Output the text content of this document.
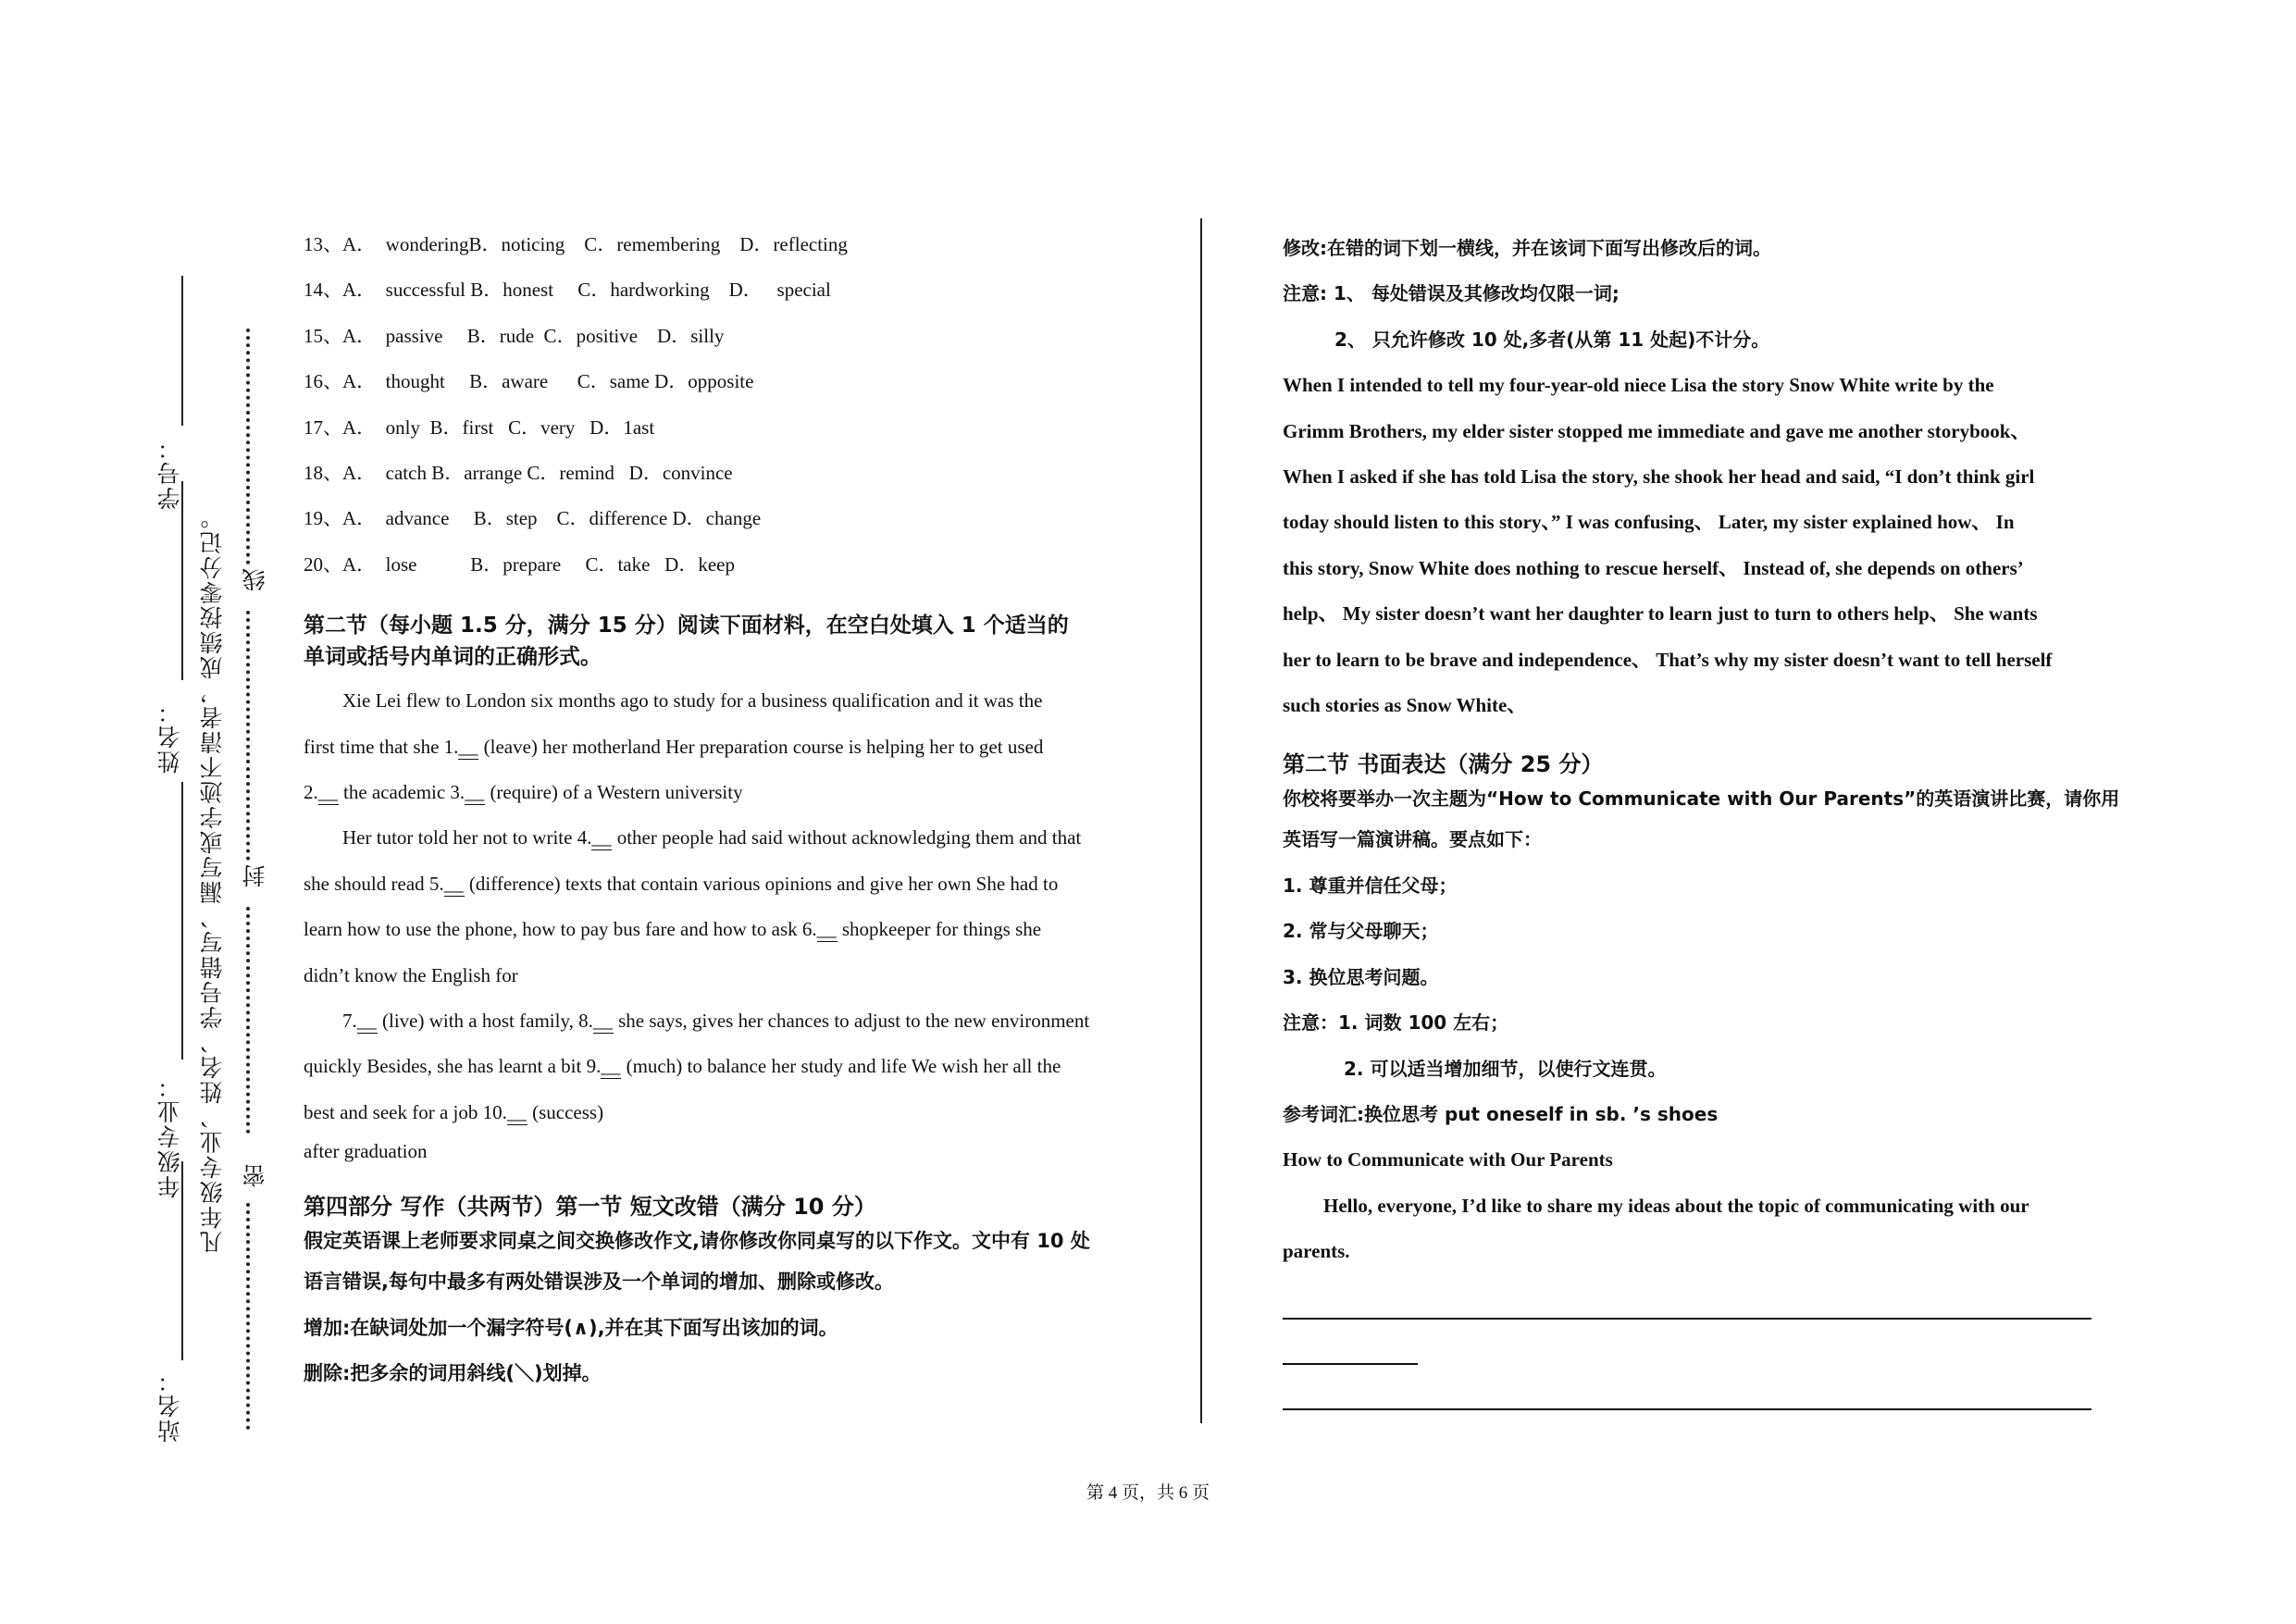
站名：
年级专业：
姓名：
学号：
凡年级专业、姓名、学号错写、漏写或字迹不清者，成绩按零分记。 线
封
密
13、A．  wonderingB．noticing    C．remembering    D．reflecting
14、A．  successful B．honest     C．hardworking    D．   special
15、A．  passive     B．rude  C．positive    D．silly
16、A．  thought     B．aware      C．same D．opposite
17、A．  only  B．first   C．very   D．1ast
18、A．  catch B．arrange C．remind   D．convince
19、A．  advance     B．step    C．difference D．change
20、A．  lose           B．prepare     C．take   D．keep
第二节（每小题 1.5 分，满分 15 分）阅读下面材料，在空白处填入 1 个适当的
单词或括号内单词的正确形式。
Xie Lei flew to London six months ago to study for a business qualification and it was the
first time that she 1.__ (leave) her motherland Her preparation course is helping her to get used
2.__ the academic 3.__ (require) of a Western university
Her tutor told her not to write 4.__ other people had said without acknowledging them and that
she should read 5.__ (difference) texts that contain various opinions and give her own She had to
learn how to use the phone, how to pay bus fare and how to ask 6.__ shopkeeper for things she
didn’t know the English for
7.__ (live) with a host family, 8.__ she says, gives her chances to adjust to the new environment
quickly Besides, she has learnt a bit 9.__ (much) to balance her study and life We wish her all the
best and seek for a job 10.__ (success)
after graduation
第四部分 写作（共两节）第一节 短文改错（满分 10 分）
假定英语课上老师要求同桌之间交换修改作文,请你修改你同桌写的以下作文。文中有 10 处
语言错误,每句中最多有两处错误涉及一个单词的增加、删除或修改。
增加:在缺词处加一个漏字符号(∧),并在其下面写出该加的词。
删除:把多余的词用斜线(＼)划掉。
修改:在错的词下划一横线，并在该词下面写出修改后的词。
注意: 1、 每处错误及其修改均仅限一词;
2、 只允许修改 10 处,多者(从第 11 处起)不计分。
When I intended to tell my four-year-old niece Lisa the story Snow White write by the
Grimm Brothers, my elder sister stopped me immediate and gave me another storybook、
When I asked if she has told Lisa the story, she shook her head and said, “I don’t think girl
today should listen to this story、” I was confusing、 Later, my sister explained how、 In
this story, Snow White does nothing to rescue herself、 Instead of, she depends on others’
help、 My sister doesn’t want her daughter to learn just to turn to others help、 She wants
her to learn to be brave and independence、 That’s why my sister doesn’t want to tell herself
such stories as Snow White、
第二节 书面表达（满分 25 分）
你校将要举办一次主题为“How to Communicate with Our Parents”的英语演讲比赛，请你用
英语写一篇演讲稿。要点如下：
1. 尊重并信任父母；
2. 常与父母聊天；
3. 换位思考问题。
注意：1. 词数 100 左右；
2. 可以适当增加细节，以使行文连贯。
参考词汇:换位思考 put oneself in sb. ’s shoes
How to Communicate with Our Parents
Hello, everyone, I’d like to share my ideas about the topic of communicating with our
parents.
第 4 页，共 6 页
